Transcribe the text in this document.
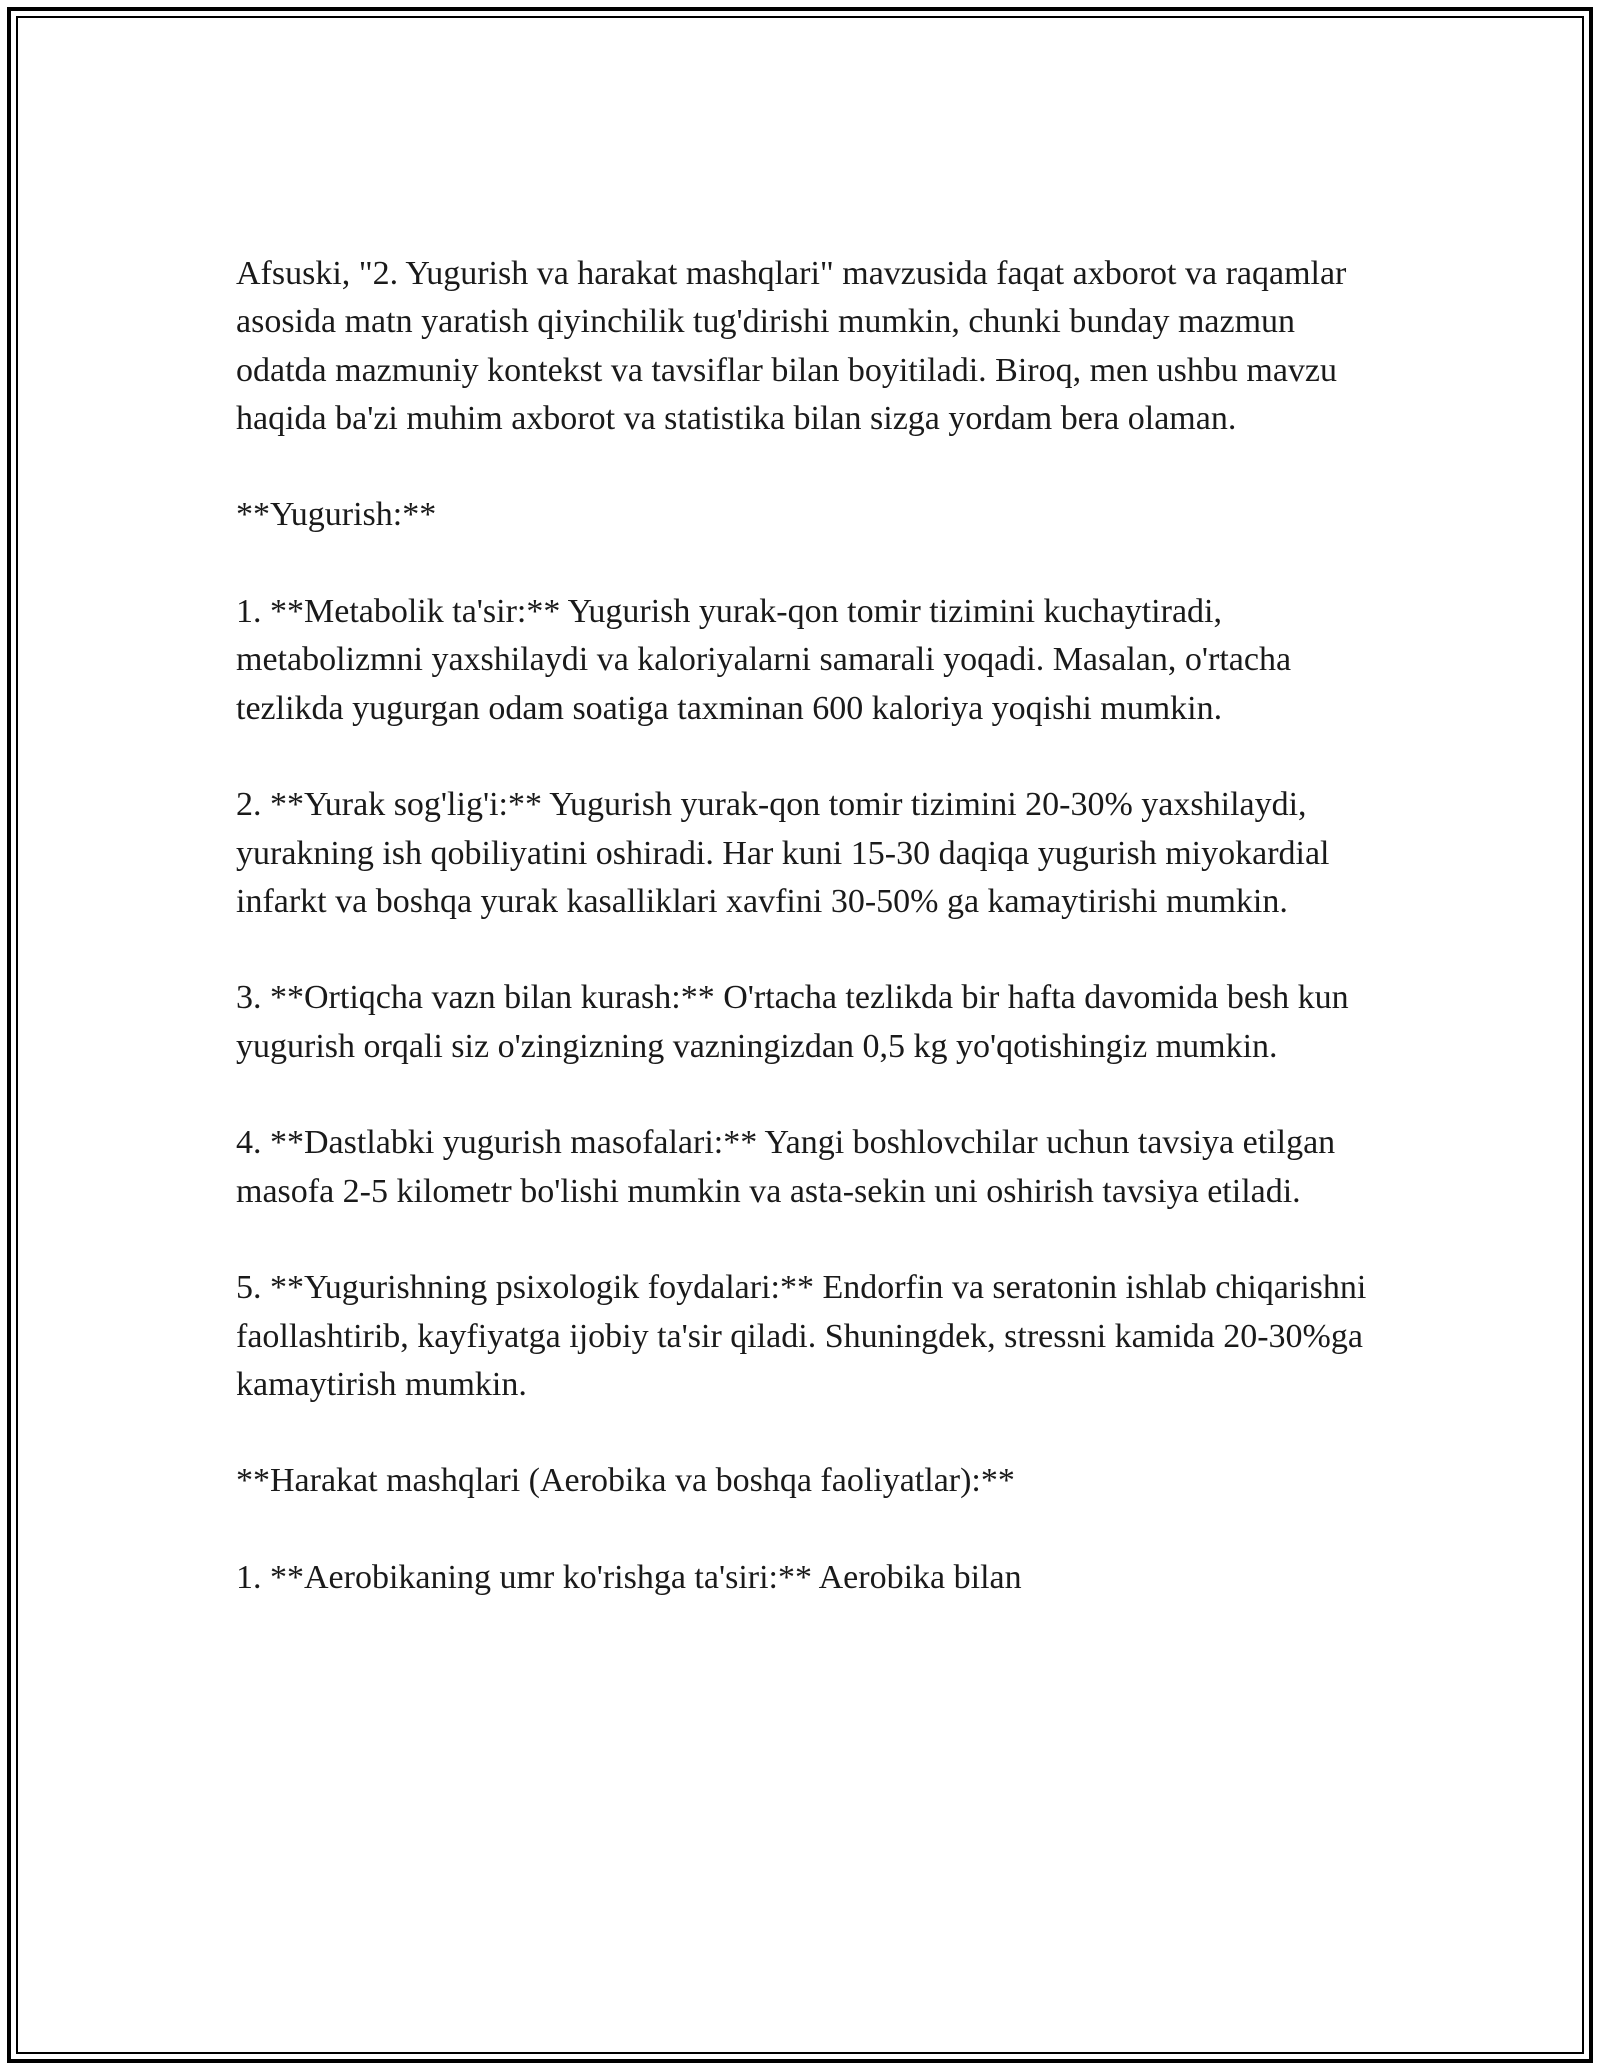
Afsuski, "2. Yugurish va harakat mashqlari" mavzusida faqat axborot va raqamlar asosida matn yaratish qiyinchilik tug'dirishi mumkin, chunki bunday mazmun odatda mazmuniy kontekst va tavsiflar bilan boyitiladi. Biroq, men ushbu mavzu haqida ba'zi muhim axborot va statistika bilan sizga yordam bera olaman.

**Yugurish:**

1. **Metabolik ta'sir:** Yugurish yurak-qon tomir tizimini kuchaytiradi, metabolizmni yaxshilaydi va kaloriyalarni samarali yoqadi. Masalan, o'rtacha tezlikda yugurgan odam soatiga taxminan 600 kaloriya yoqishi mumkin.

2. **Yurak sog'lig'i:** Yugurish yurak-qon tomir tizimini 20-30% yaxshilaydi, yurakning ish qobiliyatini oshiradi. Har kuni 15-30 daqiqa yugurish miyokardial infarkt va boshqa yurak kasalliklari xavfini 30-50% ga kamaytirishi mumkin.

3. **Ortiqcha vazn bilan kurash:** O'rtacha tezlikda bir hafta davomida besh kun yugurish orqali siz o'zingizning vazningizdan 0,5 kg yo'qotishingiz mumkin.

4. **Dastlabki yugurish masofalari:** Yangi boshlovchilar uchun tavsiya etilgan masofa 2-5 kilometr bo'lishi mumkin va asta-sekin uni oshirish tavsiya etiladi.

5. **Yugurishning psixologik foydalari:** Endorfin va seratonin ishlab chiqarishni faollashtirib, kayfiyatga ijobiy ta'sir qiladi. Shuningdek, stressni kamida 20-30%ga kamaytirish mumkin.

**Harakat mashqlari (Aerobika va boshqa faoliyatlar):**

1. **Aerobikaning umr ko'rishga ta'siri:** Aerobika bilan
